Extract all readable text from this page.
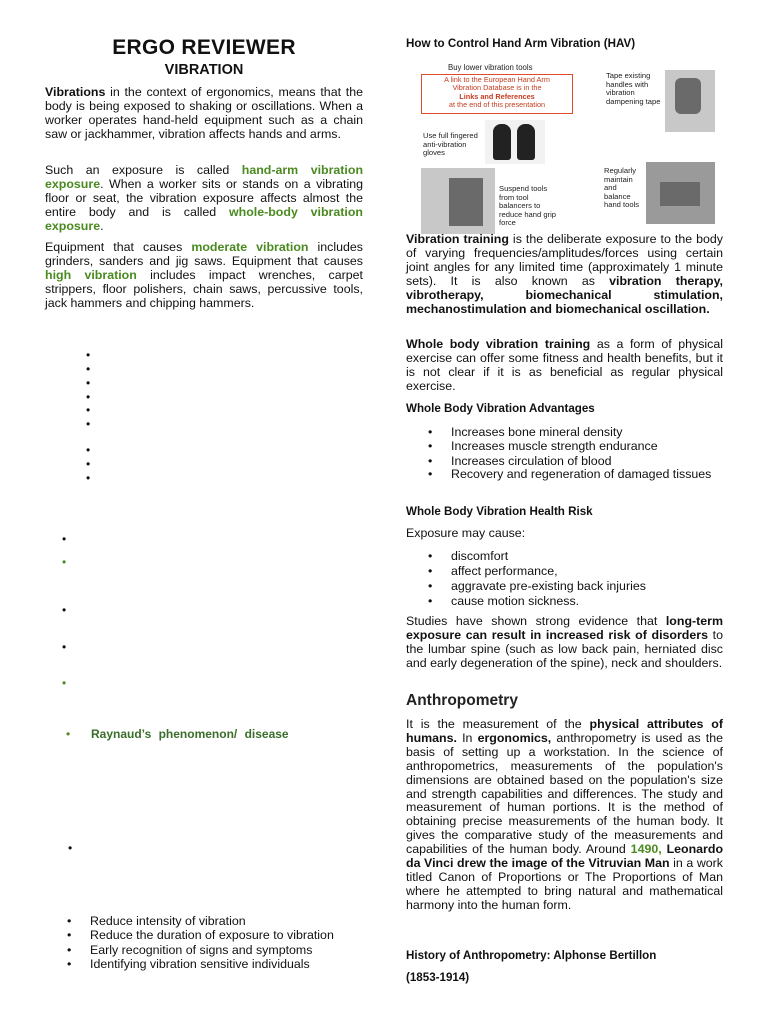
ERGO REVIEWER
VIBRATION

Vibrations in the context of ergonomics, means that the body is being exposed to shaking or oscillations. When a worker operates hand-held equipment such as a chain saw or jackhammer, vibration affects hands and arms.

Such an exposure is called hand-arm vibration exposure. When a worker sits or stands on a vibrating floor or seat, the vibration exposure affects almost the entire body and is called whole-body vibration exposure.

Equipment that causes moderate vibration includes grinders, sanders and jig saws. Equipment that causes high vibration includes impact wrenches, carpet strippers, floor polishers, chain saws, percussive tools, jack hammers and chipping hammers.

•
•
•
•
•
•
•
•
•
•
•
•
•
•
•
• Raynaud’s phenomenon/ disease
• Reduce intensity of vibration
• Reduce the duration of exposure to vibration
• Early recognition of signs and symptoms
• Identifying vibration sensitive individuals
How to Control Hand Arm Vibration (HAV)
Buy lower vibration tools
A link to the European Hand Arm
Vibration Database is in the
Links and References
at the end of this presentation
Tape existing handles with vibration dampening tape
Use full fingered anti-vibration gloves
Regularly maintain and balance hand tools
Suspend tools from tool balancers to reduce hand grip force

Vibration training is the deliberate exposure to the body of varying frequencies/amplitudes/forces using certain joint angles for any limited time (approximately 1 minute sets). It is also known as vibration therapy, vibrotherapy, biomechanical stimulation, mechanostimulation and biomechanical oscillation.

Whole body vibration training as a form of physical exercise can offer some fitness and health benefits, but it is not clear if it is as beneficial as regular physical exercise.

Whole Body Vibration Advantages
• Increases bone mineral density
• Increases muscle strength endurance
• Increases circulation of blood
• Recovery and regeneration of damaged tissues
Whole Body Vibration Health Risk

Exposure may cause:

• discomfort
• affect performance,
• aggravate pre-existing back injuries
• cause motion sickness.

Studies have shown strong evidence that long-term exposure can result in increased risk of disorders to the lumbar spine (such as low back pain, herniated disc and early degeneration of the spine), neck and shoulders.

Anthropometry

It is the measurement of the physical attributes of humans. In ergonomics, anthropometry is used as the basis of setting up a workstation. In the science of anthropometrics, measurements of the population's dimensions are obtained based on the population's size and strength capabilities and differences. The study and measurement of human portions. It is the method of obtaining precise measurements of the human body. It gives the comparative study of the measurements and capabilities of the human body. Around 1490, Leonardo da Vinci drew the image of the Vitruvian Man in a work titled Canon of Proportions or The Proportions of Man where he attempted to bring natural and mathematical harmony into the human form.

History of Anthropometry: Alphonse Bertillon
(1853-1914)
